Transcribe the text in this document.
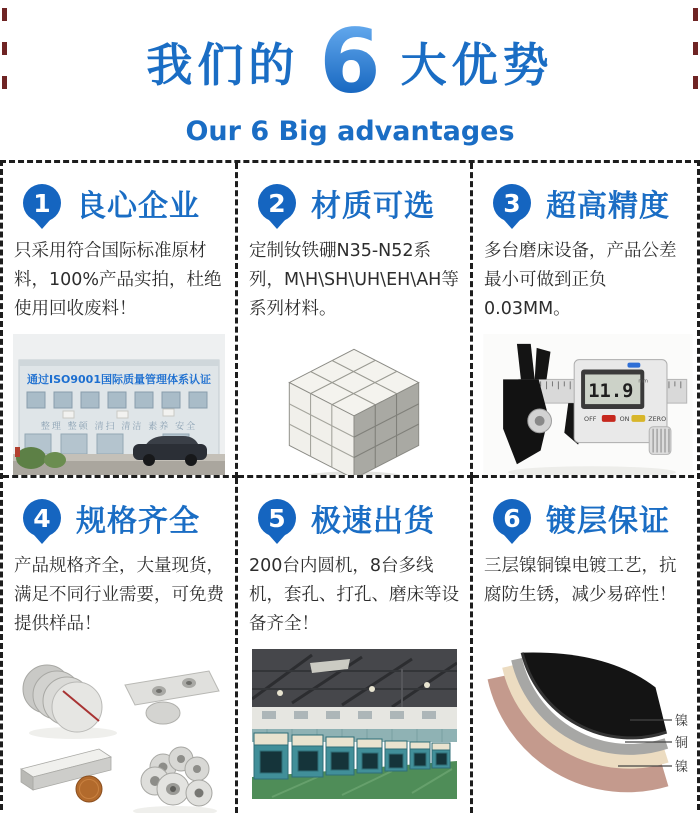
我们的 6 大优势
Our 6 Big advantages
1 良心企业
只采用符合国际标准原材料，100%产品实拍，杜绝使用回收废料！
通过ISO9001国际质量管理体系认证
整理 整顿 清扫 清洁 素养 安全
2 材质可选
定制钕铁硼N35-N52系列，M\H\SH\UH\EH\AH等系列材料。
3 超高精度
多台磨床设备，产品公差最小可做到正负0.03MM。
11.9 mm
OFF	ON	ZERO
4 规格齐全
产品规格齐全，大量现货，满足不同行业需要，可免费提供样品！
5 极速出货
200台内圆机，8台多线机，套孔、打孔、磨床等设备齐全！
6 镀层保证
三层镍铜镍电镀工艺，抗腐防生锈，减少易碎性！
镍
铜
镍
